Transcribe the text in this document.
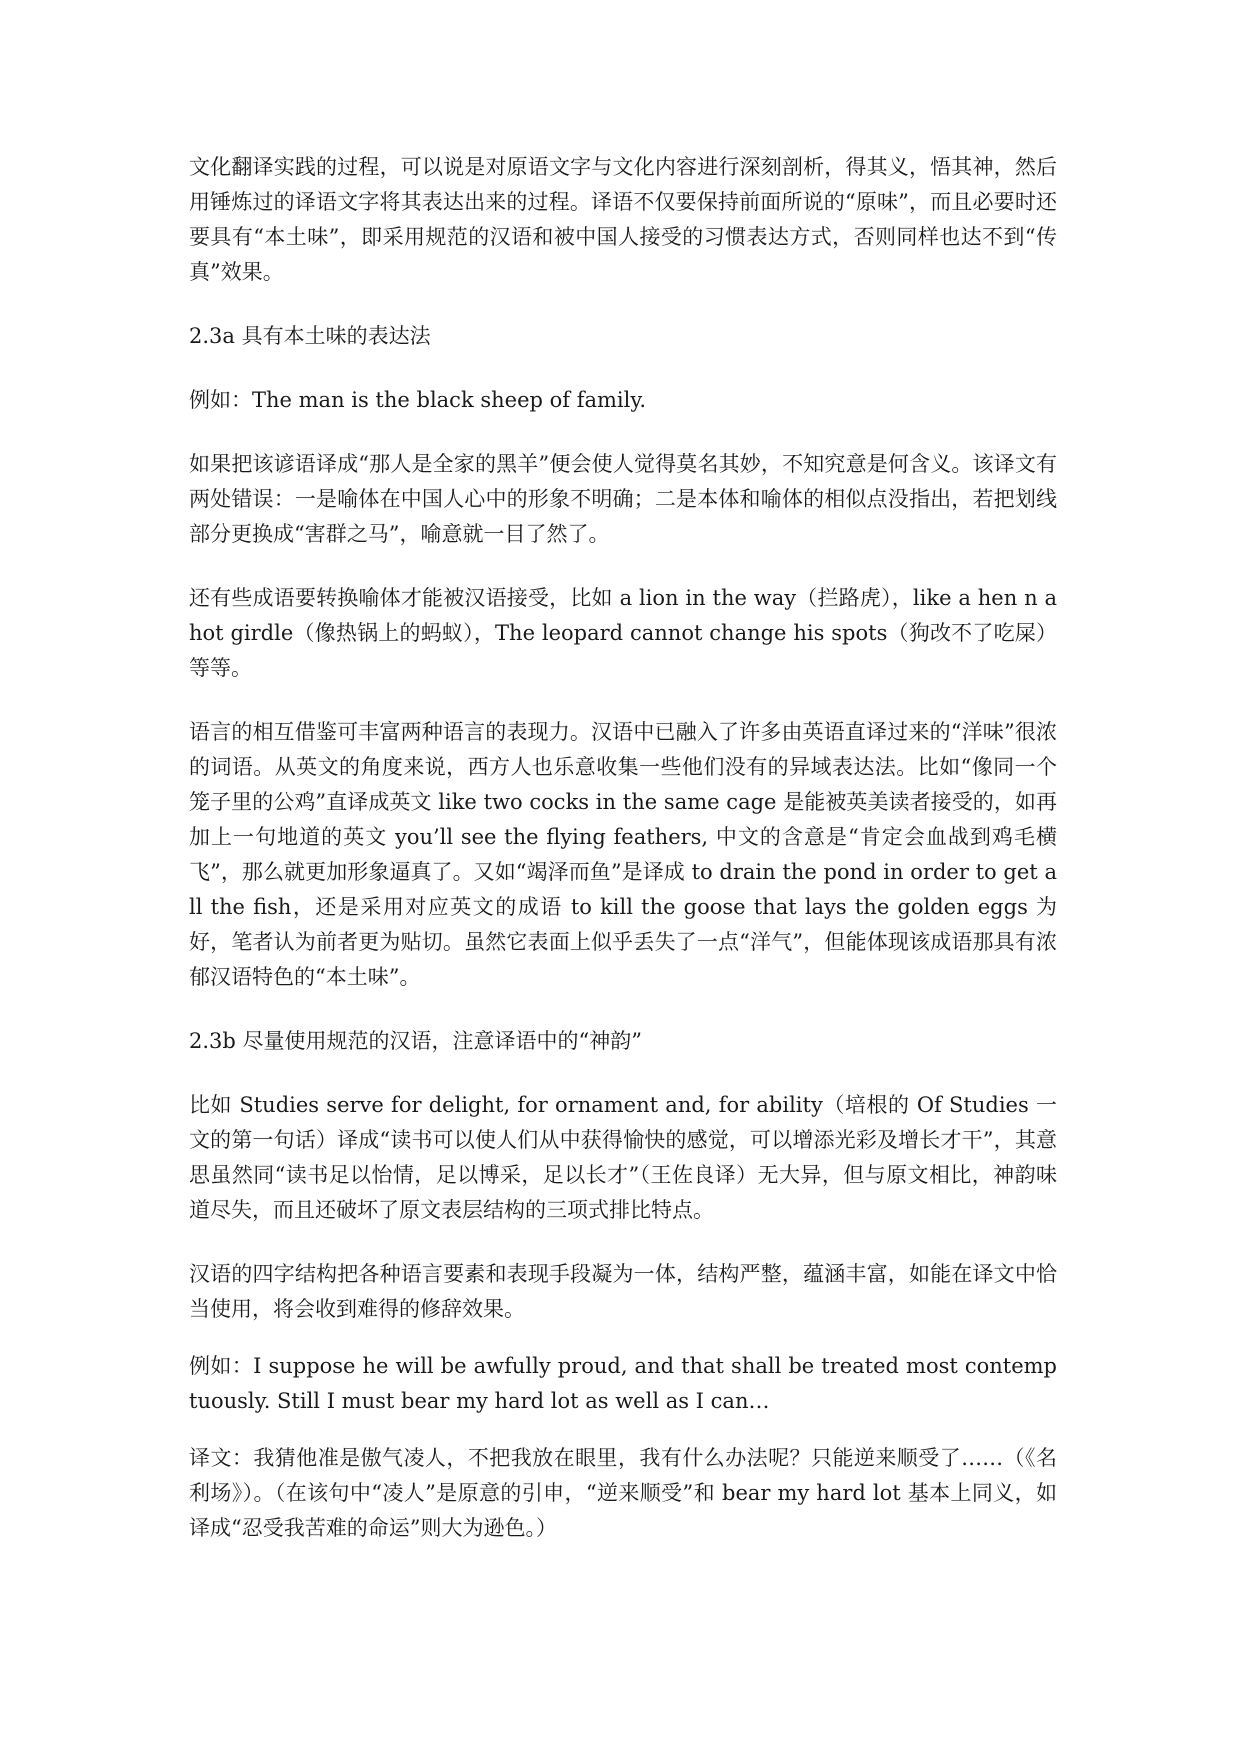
文化翻译实践的过程，可以说是对原语文字与文化内容进行深刻剖析，得其义，悟其神，然后用锤炼过的译语文字将其表达出来的过程。译语不仅要保持前面所说的“原味”，而且必要时还要具有“本土味”，即采用规范的汉语和被中国人接受的习惯表达方式，否则同样也达不到“传真”效果。

2.3a 具有本土味的表达法

例如：The man is the black sheep of family.

如果把该谚语译成“那人是全家的黑羊”便会使人觉得莫名其妙，不知究意是何含义。该译文有两处错误：一是喻体在中国人心中的形象不明确；二是本体和喻体的相似点没指出，若把划线部分更换成“害群之马”，喻意就一目了然了。

还有些成语要转换喻体才能被汉语接受，比如 a lion in the way（拦路虎），like a hen n a hot girdle（像热锅上的蚂蚁），The leopard cannot change his spots（狗改不了吃屎）等等。

语言的相互借鉴可丰富两种语言的表现力。汉语中已融入了许多由英语直译过来的“洋味”很浓的词语。从英文的角度来说，西方人也乐意收集一些他们没有的异域表达法。比如“像同一个笼子里的公鸡”直译成英文 like two cocks in the same cage 是能被英美读者接受的，如再加上一句地道的英文 you’ll see the flying feathers, 中文的含意是“肯定会血战到鸡毛横飞”，那么就更加形象逼真了。又如“竭泽而鱼”是译成 to drain the pond in order to get all the fish，还是采用对应英文的成语 to kill the goose that lays the golden eggs 为好，笔者认为前者更为贴切。虽然它表面上似乎丢失了一点“洋气”，但能体现该成语那具有浓郁汉语特色的“本土味”。

2.3b 尽量使用规范的汉语，注意译语中的“神韵”

比如 Studies serve for delight, for ornament and, for ability（培根的 Of Studies 一文的第一句话）译成“读书可以使人们从中获得愉快的感觉，可以增添光彩及增长才干”，其意思虽然同“读书足以怡情，足以博采，足以长才”（王佐良译）无大异，但与原文相比，神韵味道尽失，而且还破坏了原文表层结构的三项式排比特点。

汉语的四字结构把各种语言要素和表现手段凝为一体，结构严整，蕴涵丰富，如能在译文中恰当使用，将会收到难得的修辞效果。

例如：I suppose he will be awfully proud, and that shall be treated most contemptuously. Still I must bear my hard lot as well as I can…

译文：我猜他准是傲气凌人，不把我放在眼里，我有什么办法呢？只能逆来顺受了……（《名利场》）。（在该句中“凌人”是原意的引申，“逆来顺受”和 bear my hard lot 基本上同义，如译成“忍受我苦难的命运”则大为逊色。）
